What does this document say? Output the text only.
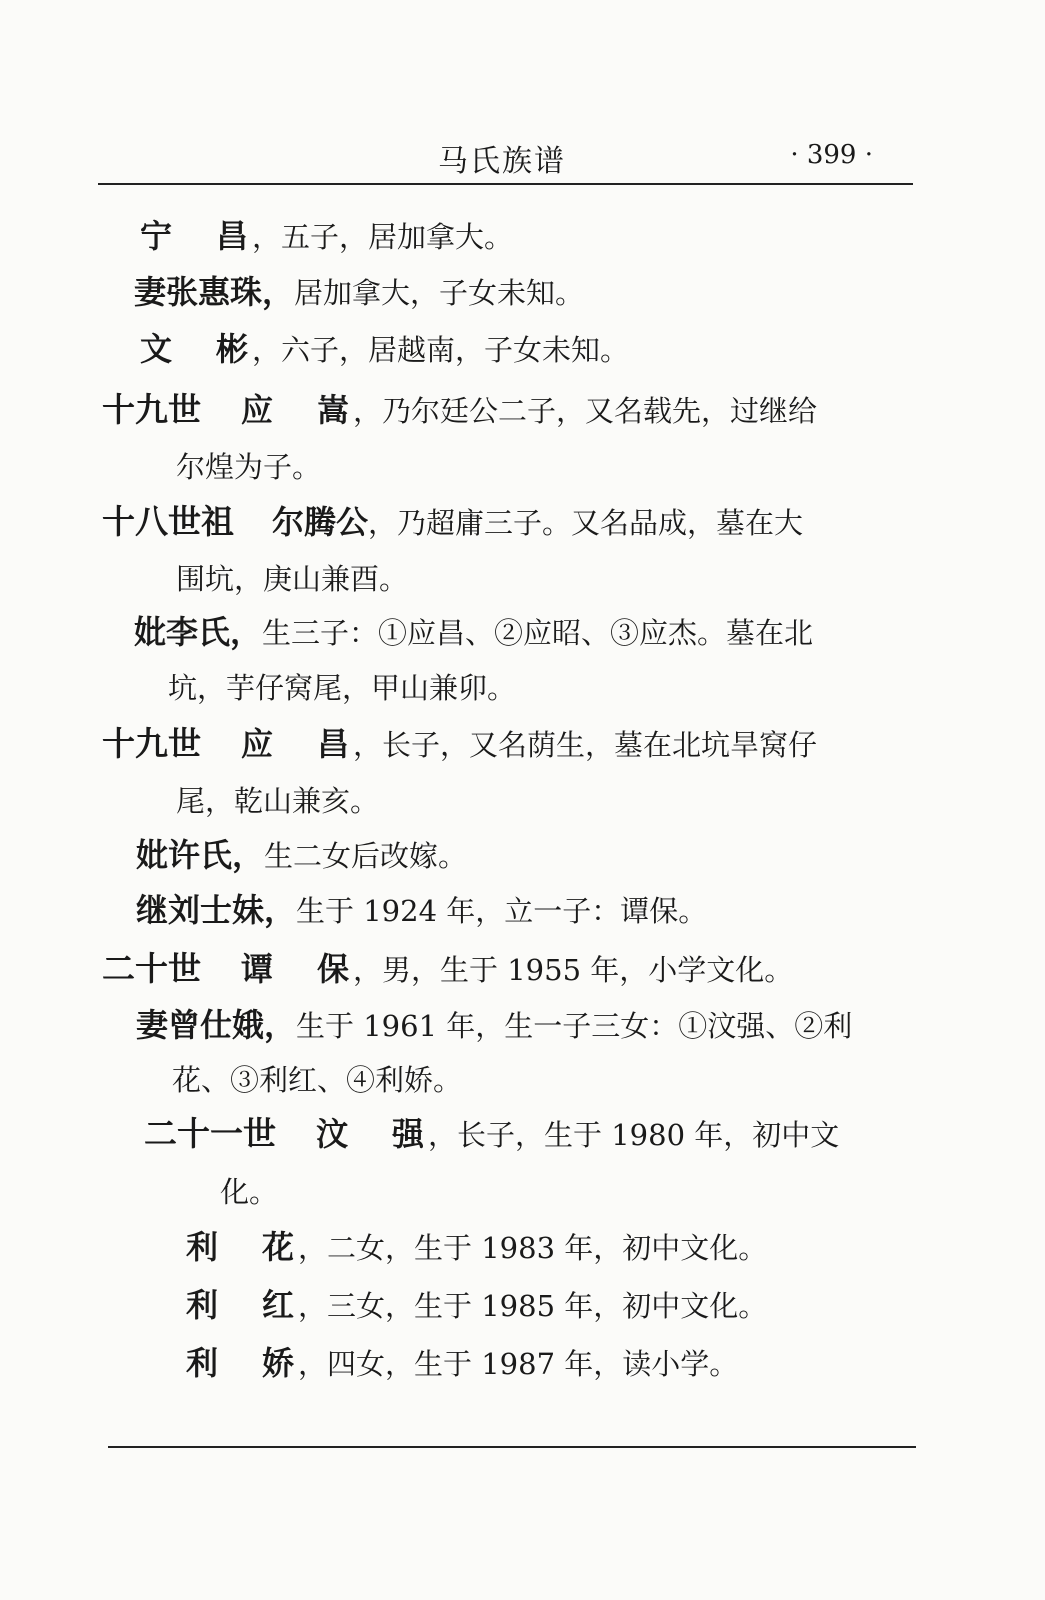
马氏族谱	· 399 ·
宁 昌 ，五子，居加拿大。
妻张惠珠，居加拿大，子女未知。
文 彬 ，六子，居越南，子女未知。
十九世 应 嵩 ，乃尔廷公二子，又名载先，过继给
尔煌为子。
十八世祖 尔腾公，乃超庸三子。又名品成，墓在大
围坑，庚山兼酉。
妣李氏，生三子：①应昌、②应昭、③应杰。墓在北
坑，芋仔窝尾，甲山兼卯。
十九世 应 昌 ，长子，又名荫生，墓在北坑旱窝仔
尾，乾山兼亥。
妣许氏，生二女后改嫁。
继刘士妹，生于 1924 年，立一子：谭保。
二十世 谭 保 ，男，生于 1955 年，小学文化。
妻曾仕娥，生于 1961 年，生一子三女：①汶强、②利
花、③利红、④利娇。
二十一世 汶 强 ，长子，生于 1980 年，初中文
化。
利 花 ，二女，生于 1983 年，初中文化。
利 红 ，三女，生于 1985 年，初中文化。
利 娇 ，四女，生于 1987 年，读小学。
